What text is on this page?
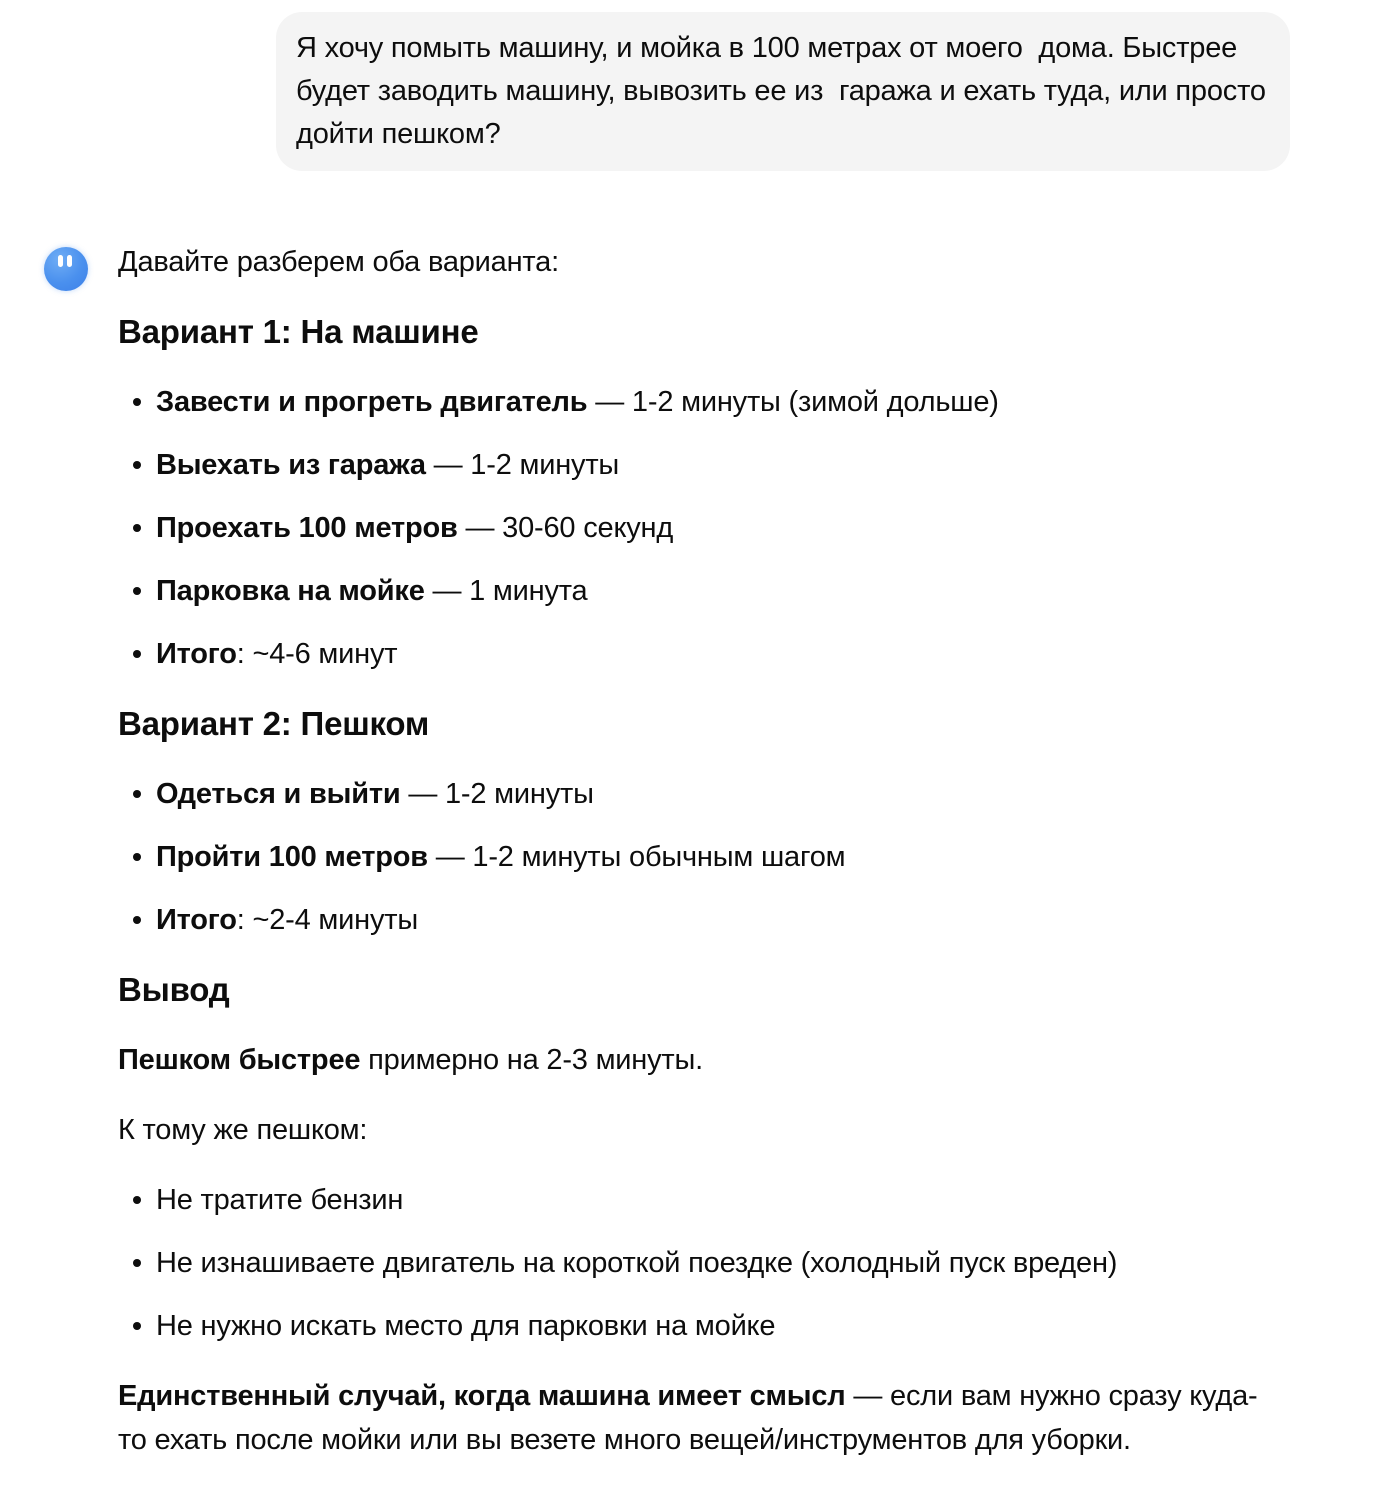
Я хочу помыть машину, и мойка в 100 метрах от моего  дома. Быстрее будет заводить машину, вывозить ее из  гаража и ехать туда, или просто дойти пешком?

Давайте разберем оба варианта:

Вариант 1: На машине
Завести и прогреть двигатель — 1-2 минуты (зимой дольше)
Выехать из гаража — 1-2 минуты
Проехать 100 метров — 30-60 секунд
Парковка на мойке — 1 минута
Итого: ~4-6 минут
Вариант 2: Пешком
Одеться и выйти — 1-2 минуты
Пройти 100 метров — 1-2 минуты обычным шагом
Итого: ~2-4 минуты
Вывод

Пешком быстрее примерно на 2-3 минуты.

К тому же пешком:

Не тратите бензин
Не изнашиваете двигатель на короткой поездке (холодный пуск вреден)
Не нужно искать место для парковки на мойке

Единственный случай, когда машина имеет смысл — если вам нужно сразу куда-то ехать после мойки или вы везете много вещей/инструментов для уборки.
